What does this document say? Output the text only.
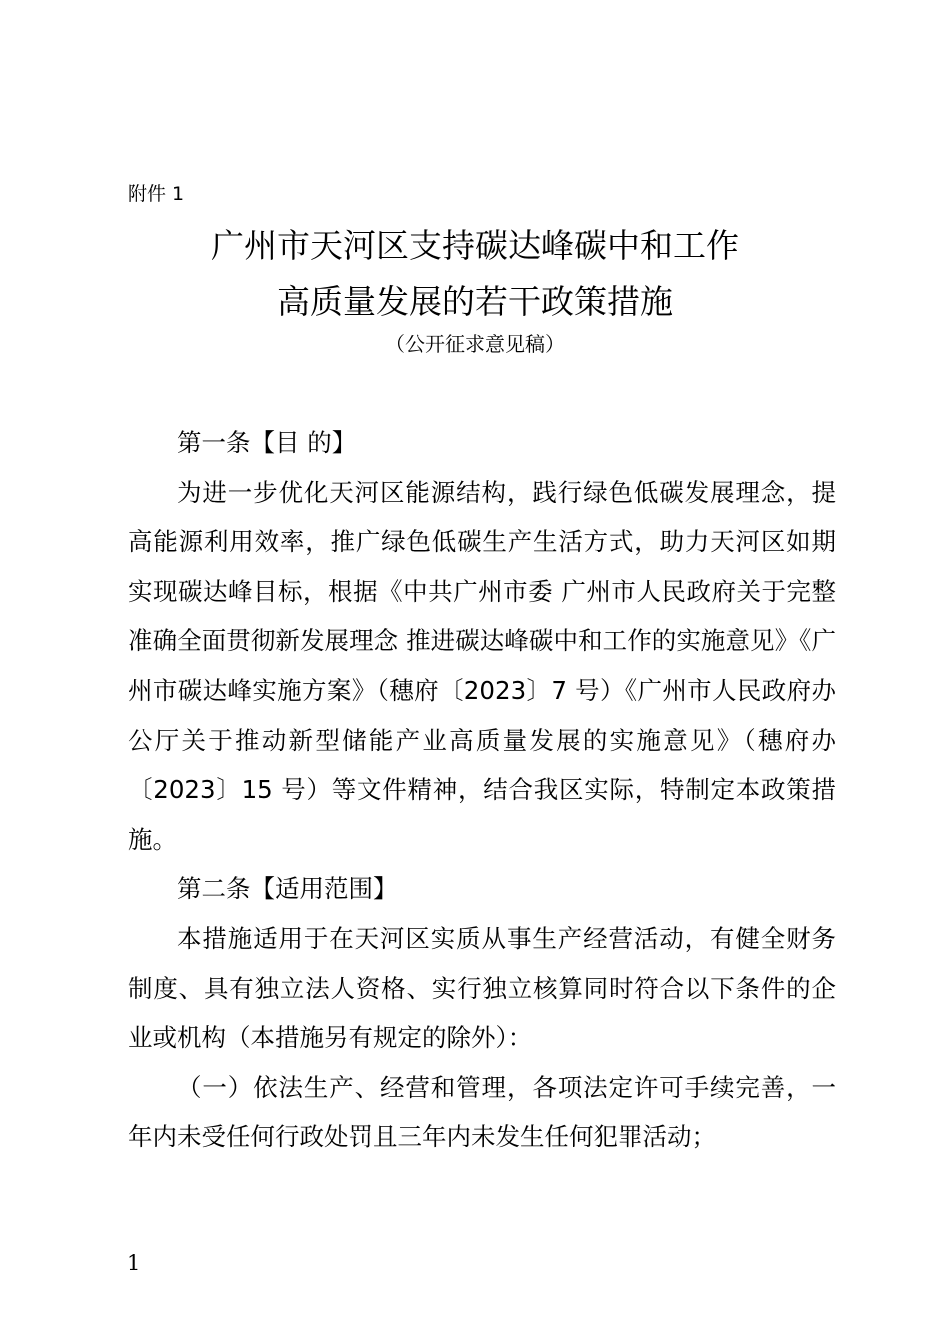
附件 1
广州市天河区支持碳达峰碳中和工作
高质量发展的若干政策措施
（公开征求意见稿）

第一条【目 的】

为进一步优化天河区能源结构，践行绿色低碳发展理念，提高能源利用效率，推广绿色低碳生产生活方式，助力天河区如期实现碳达峰目标，根据《中共广州市委 广州市人民政府关于完整准确全面贯彻新发展理念 推进碳达峰碳中和工作的实施意见》《广州市碳达峰实施方案》（穗府〔2023〕7 号）《广州市人民政府办公厅关于推动新型储能产业高质量发展的实施意见》（穗府办〔2023〕15 号）等文件精神，结合我区实际，特制定本政策措施。

第二条【适用范围】

本措施适用于在天河区实质从事生产经营活动，有健全财务制度、具有独立法人资格、实行独立核算同时符合以下条件的企业或机构（本措施另有规定的除外）：

（一）依法生产、经营和管理，各项法定许可手续完善，一年内未受任何行政处罚且三年内未发生任何犯罪活动；

1
